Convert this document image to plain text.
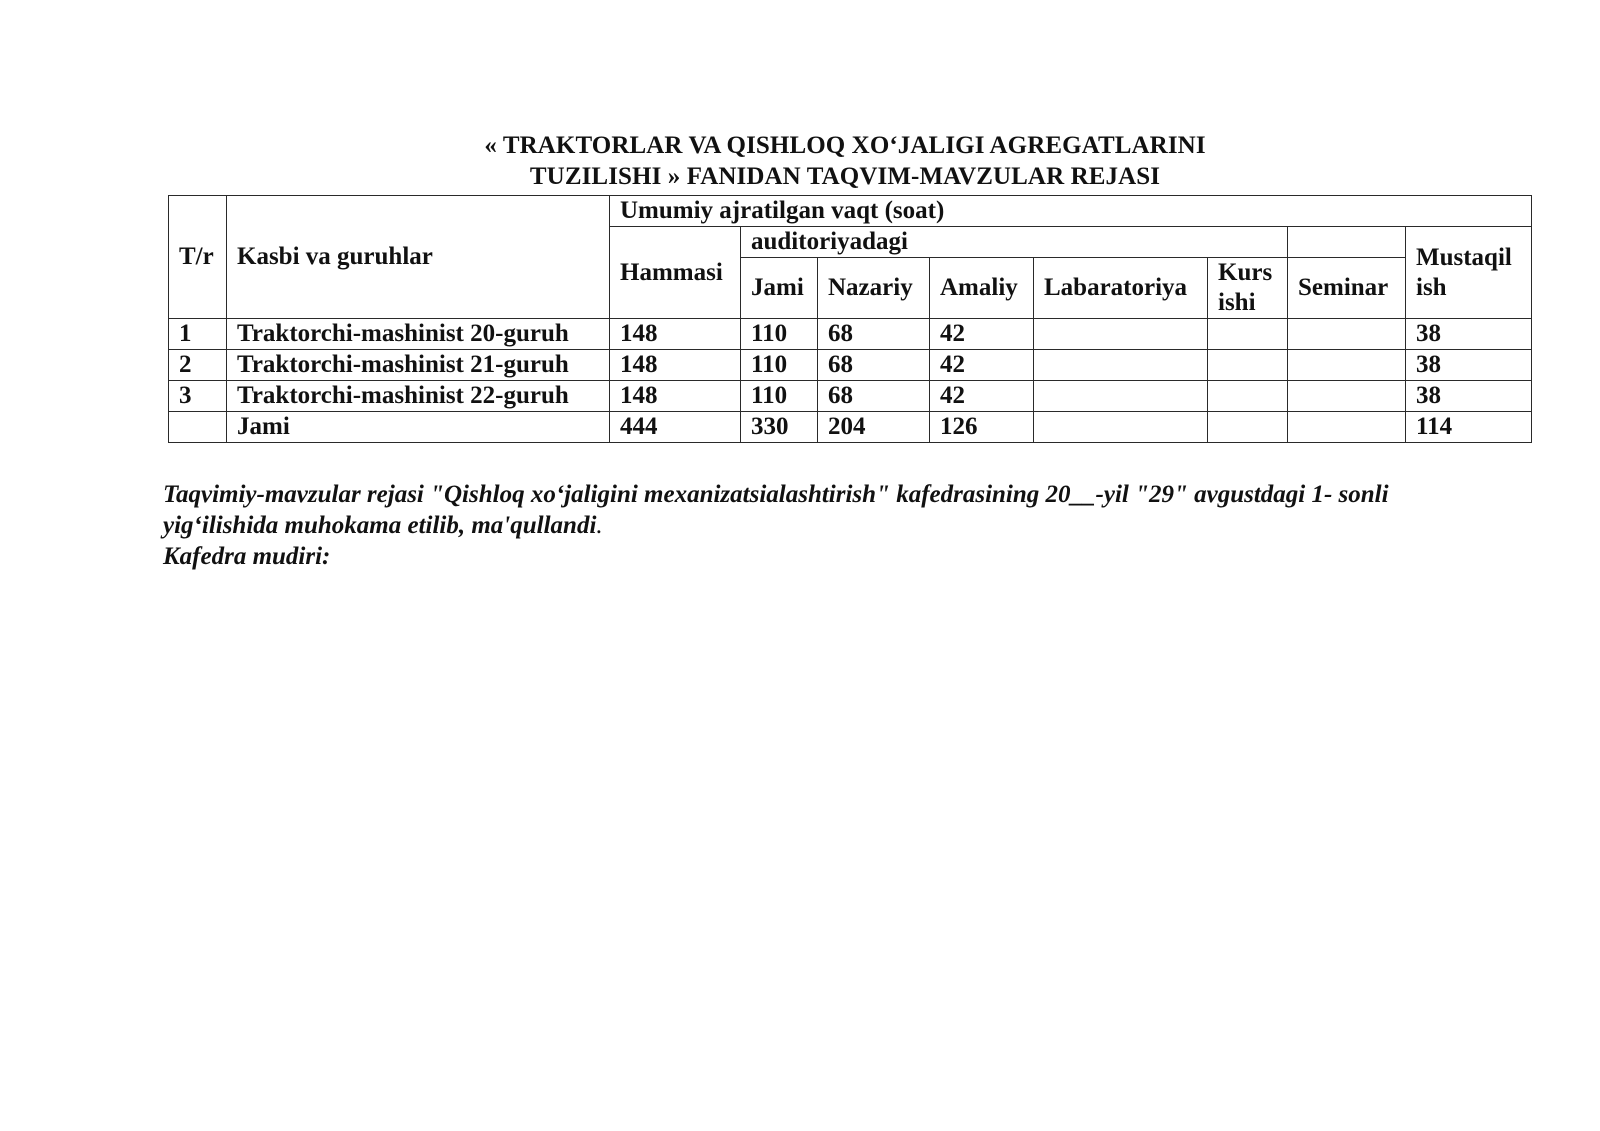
« TRAKTORLAR VA QISHLOQ XO‘JALIGI AGREGATLARINI
TUZILISHI » FANIDAN TAQVIM-MAVZULAR REJASI
T/r	Kasbi va guruhlar	Umumiy ajratilgan vaqt (soat)							
		Hammasi	auditoriyadagi						Mustaqil ish
			Jami	Nazariy	Amaliy	Labaratoriya	Kurs ishi	Seminar	
1	Traktorchi-mashinist 20-guruh	148	110	68	42				38
2	Traktorchi-mashinist 21-guruh	148	110	68	42				38
3	Traktorchi-mashinist 22-guruh	148	110	68	42				38
	Jami	444	330	204	126				114
Taqvimiy-mavzular rejasi "Qishloq xo‘jaligini mexanizatsialashtirish" kafedrasining 20__-yil "29" avgustdagi 1- sonli
yig‘ilishida muhokama etilib, ma'qullandi.
Kafedra mudiri:
